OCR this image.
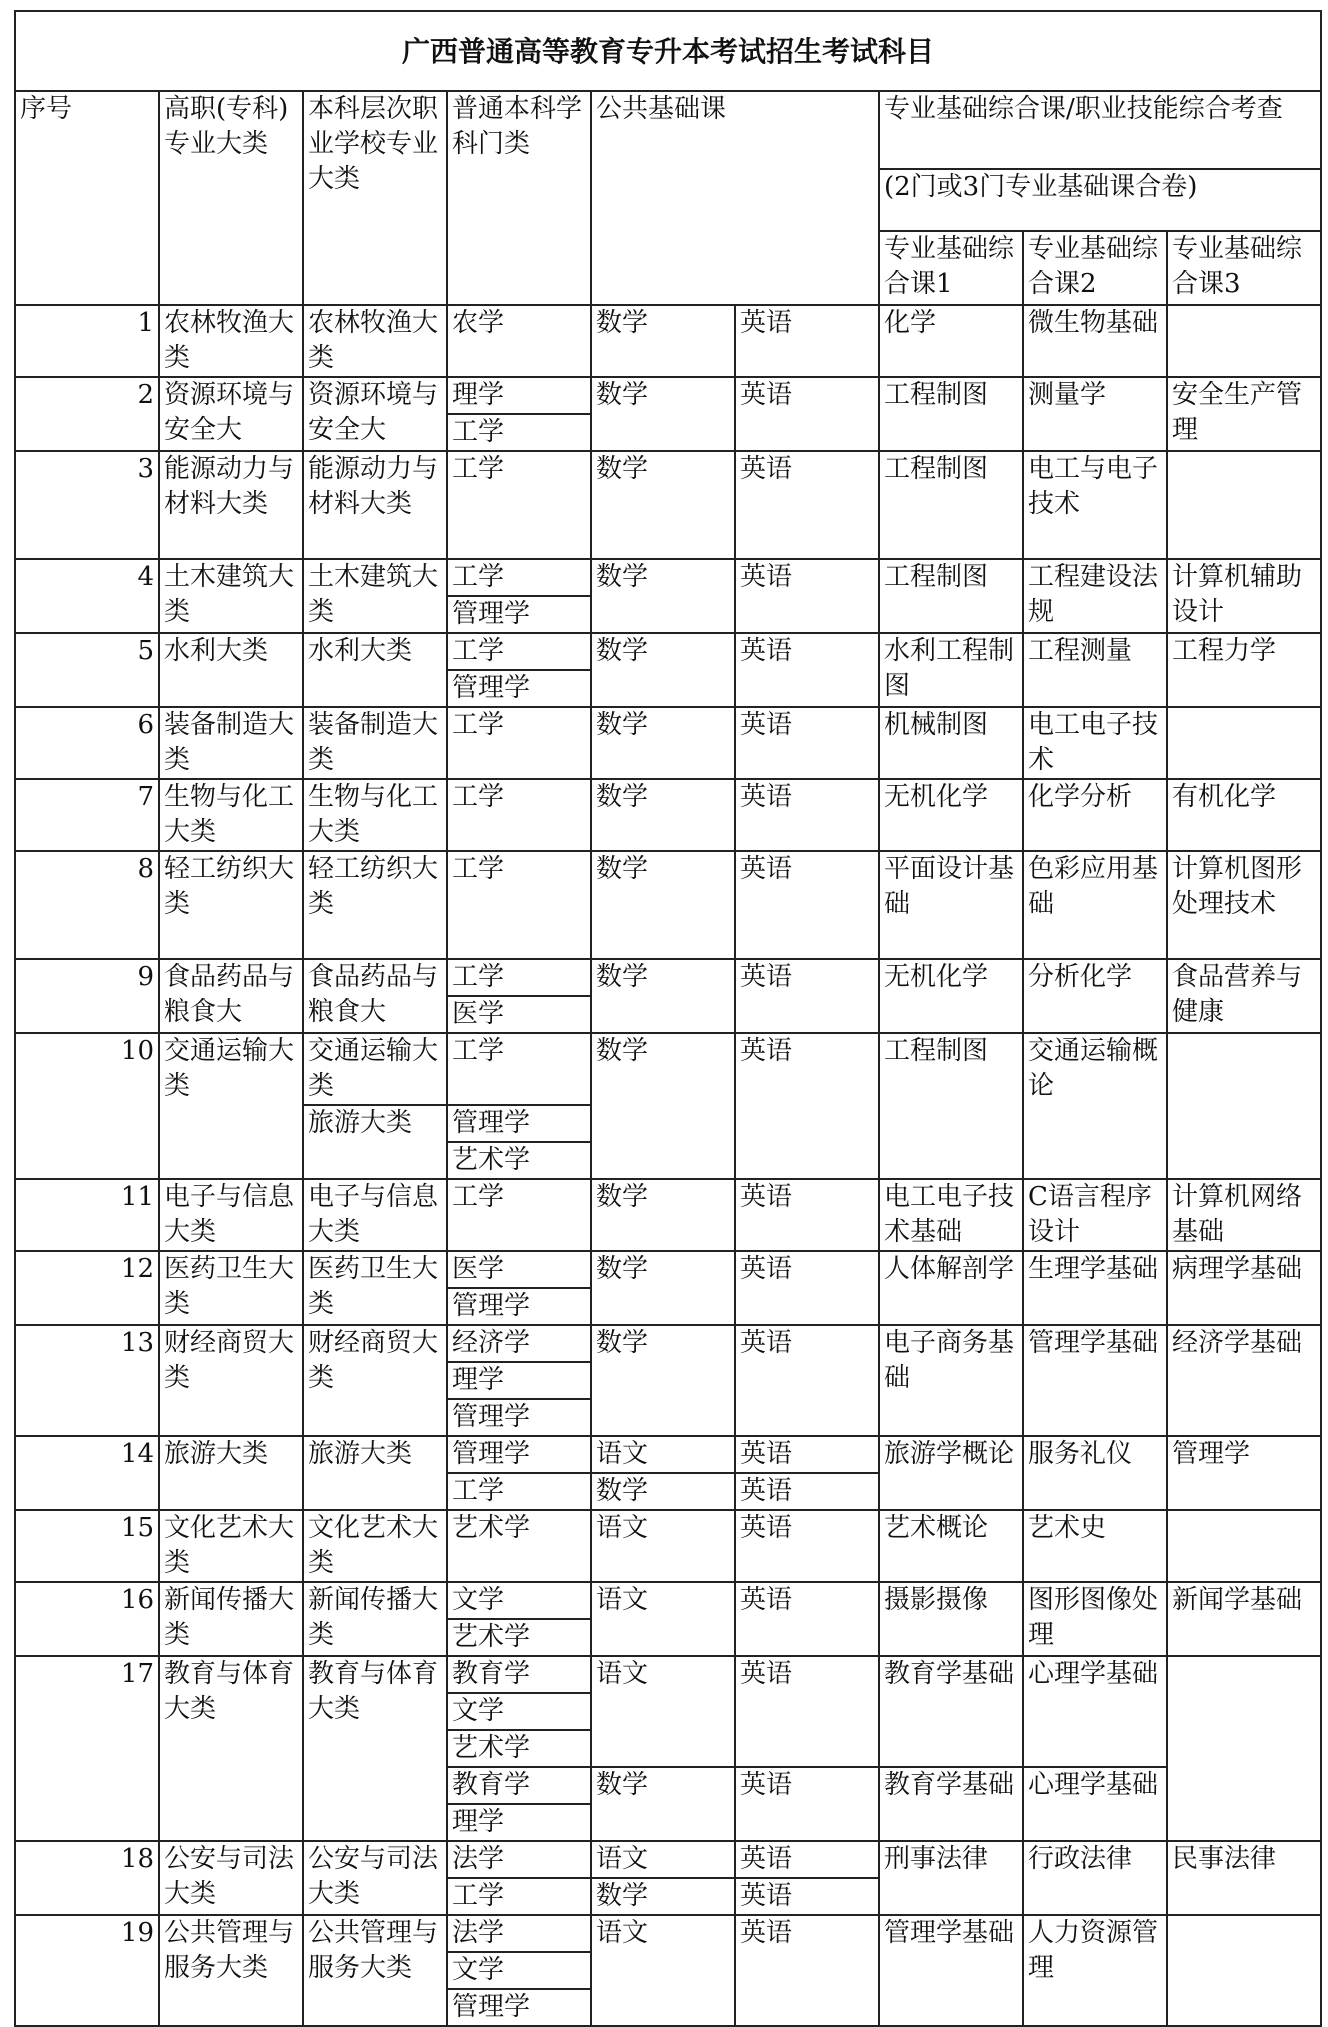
广西普通高等教育专升本考试招生考试科目								
序号	高职(专科)专业大类	本科层次职业学校专业大类	普通本科学科门类	公共基础课		专业基础综合课/职业技能综合考查		
						(2门或3门专业基础课合卷)		
						专业基础综合课1	专业基础综合课2	专业基础综合课3
1	农林牧渔大类	农林牧渔大类	农学	数学	英语	化学	微生物基础	

2	资源环境与安全大	资源环境与安全大	理学	数学	英语	工程制图	测量学	安全生产管理
			工学					
3	能源动力与材料大类	能源动力与材料大类	工学	数学	英语	工程制图	电工与电子技术	

4	土木建筑大类	土木建筑大类	工学	数学	英语	工程制图	工程建设法规	计算机辅助设计
			管理学					
5	水利大类	水利大类	工学	数学	英语	水利工程制图	工程测量	工程力学
			管理学					
6	装备制造大类	装备制造大类	工学	数学	英语	机械制图	电工电子技术	

7	生物与化工大类	生物与化工大类	工学	数学	英语	无机化学	化学分析	有机化学

8	轻工纺织大类	轻工纺织大类	工学	数学	英语	平面设计基础	色彩应用基础	计算机图形处理技术

9	食品药品与粮食大	食品药品与粮食大	工学	数学	英语	无机化学	分析化学	食品营养与健康
			医学					
10	交通运输大类	交通运输大类	工学	数学	英语	工程制图	交通运输概论	

		旅游大类	管理学					
			艺术学					
11	电子与信息大类	电子与信息大类	工学	数学	英语	电工电子技术基础	C语言程序设计	计算机网络基础

12	医药卫生大类	医药卫生大类	医学	数学	英语	人体解剖学	生理学基础	病理学基础
			管理学					
13	财经商贸大类	财经商贸大类	经济学	数学	英语	电子商务基础	管理学基础	经济学基础
			理学					
			管理学					
14	旅游大类	旅游大类	管理学	语文	英语	旅游学概论	服务礼仪	管理学
			工学	数学	英语			
15	文化艺术大类	文化艺术大类	艺术学	语文	英语	艺术概论	艺术史	

16	新闻传播大类	新闻传播大类	文学	语文	英语	摄影摄像	图形图像处理	新闻学基础
			艺术学					
17	教育与体育大类	教育与体育大类	教育学	语文	英语	教育学基础	心理学基础	
			文学					
			艺术学					
			教育学	数学	英语	教育学基础	心理学基础	
			理学					
18	公安与司法大类	公安与司法大类	法学	语文	英语	刑事法律	行政法律	民事法律
			工学	数学	英语			
19	公共管理与服务大类	公共管理与服务大类	法学	语文	英语	管理学基础	人力资源管理	
			文学					
			管理学					
